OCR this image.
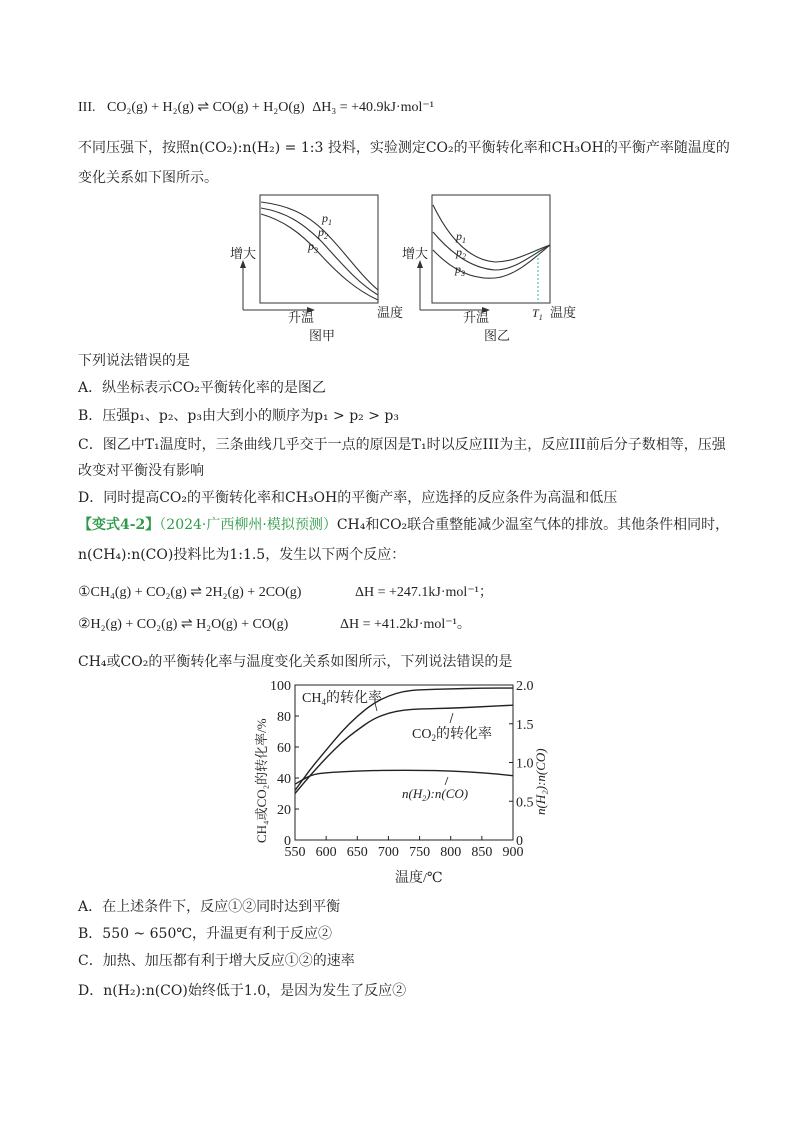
III. CO₂(g) + H₂(g) ⇌ CO(g) + H₂O(g) ΔH₃ = +40.9kJ·mol⁻¹
不同压强下，按照n(CO₂):n(H₂) = 1:3 投料，实验测定CO₂的平衡转化率和CH₃OH的平衡产率随温度的
变化关系如下图所示。
$p_1$
$p_2$
$p_3$
增大
升温	温度
图甲
$p_1$
$p_2$
$p_3$
增大
升温	$T_1$ 温度
图乙
下列说法错误的是
A．纵坐标表示CO₂平衡转化率的是图乙
B．压强p₁、p₂、p₃由大到小的顺序为p₁ > p₂ > p₃
C．图乙中T₁温度时，三条曲线几乎交于一点的原因是T₁时以反应III为主，反应III前后分子数相等，压强
改变对平衡没有影响
D．同时提高CO₂的平衡转化率和CH₃OH的平衡产率，应选择的反应条件为高温和低压
【变式4-2】（2024·广西柳州·模拟预测）CH₄和CO₂联合重整能减少温室气体的排放。其他条件相同时，
n(CH₄):n(CO)投料比为1:1.5，发生以下两个反应：
①CH₄(g) + CO₂(g) ⇌ 2H₂(g) + 2CO(g)	ΔH = +247.1kJ·mol⁻¹；
②H₂(g) + CO₂(g) ⇌ H₂O(g) + CO(g)	ΔH = +41.2kJ·mol⁻¹。
CH₄或CO₂的平衡转化率与温度变化关系如图所示，下列说法错误的是
550 600 650 700 750 800 850 900
0
20
40
60
80
100
0
0.5
1.0
1.5
2.0
温度/℃
CH₄或CO₂的转化率/%	n(H₂):n(CO)
$CH_4$的转化率
$CO_2$的转化率
$n(H_2):n(CO)$
A．在上述条件下，反应①②同时达到平衡
B．550 ~ 650℃，升温更有利于反应②
C．加热、加压都有利于增大反应①②的速率
D．n(H₂):n(CO)始终低于1.0，是因为发生了反应②
